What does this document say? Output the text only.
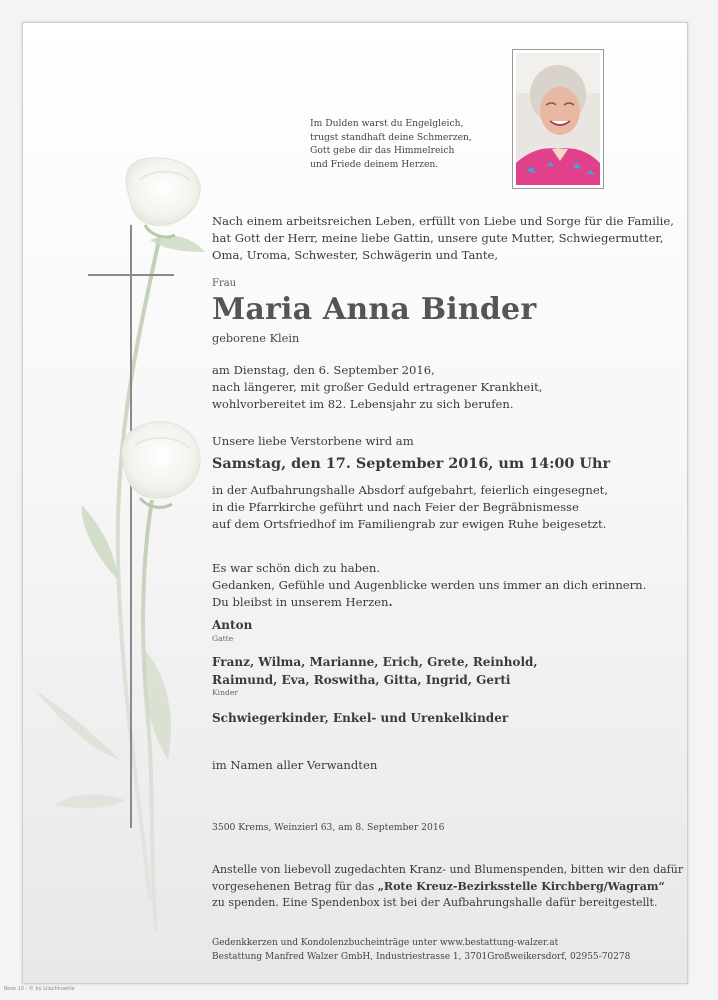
Im Dulden warst du Engelgleich,
trugst standhaft deine Schmerzen,
Gott gebe dir das Himmelreich
und Friede deinem Herzen.
Nach einem arbeitsreichen Leben, erfüllt von Liebe und Sorge für die Familie,
hat Gott der Herr, meine liebe Gattin, unsere gute Mutter, Schwiegermutter,
Oma, Uroma, Schwester, Schwägerin und Tante,
Frau
Maria Anna Binder
geborene Klein
am Dienstag, den 6. September 2016,
nach längerer, mit großer Geduld ertragener Krankheit,
wohlvorbereitet im 82. Lebensjahr zu sich berufen.
Unsere liebe Verstorbene wird am
Samstag, den 17. September 2016, um 14:00 Uhr
in der Aufbahrungshalle Absdorf aufgebahrt, feierlich eingesegnet,
in die Pfarrkirche geführt und nach Feier der Begräbnismesse
auf dem Ortsfriedhof im Familiengrab zur ewigen Ruhe beigesetzt.
Es war schön dich zu haben.
Gedanken, Gefühle und Augenblicke werden uns immer an dich erinnern.
Du bleibst in unserem Herzen.
Anton
Gatte
Franz, Wilma, Marianne, Erich, Grete, Reinhold,
Raimund, Eva, Roswitha, Gitta, Ingrid, Gerti
Kinder
Schwiegerkinder, Enkel- und Urenkelkinder
im Namen aller Verwandten
3500 Krems, Weinzierl 63, am 8. September 2016
Anstelle von liebevoll zugedachten Kranz- und Blumenspenden, bitten wir den dafür
vorgesehenen Betrag für das „Rote Kreuz-Bezirksstelle Kirchberg/Wagram“
zu spenden. Eine Spendenbox ist bei der Aufbahrungshalle dafür bereitgestellt.
Gedenkkerzen und Kondolenzbucheinträge unter www.bestattung-walzer.at
Bestattung Manfred Walzer GmbH, Industriestrasse 1, 3701Großweikersdorf, 02955-70278
Rose 10 - © by Lilachhoehle
